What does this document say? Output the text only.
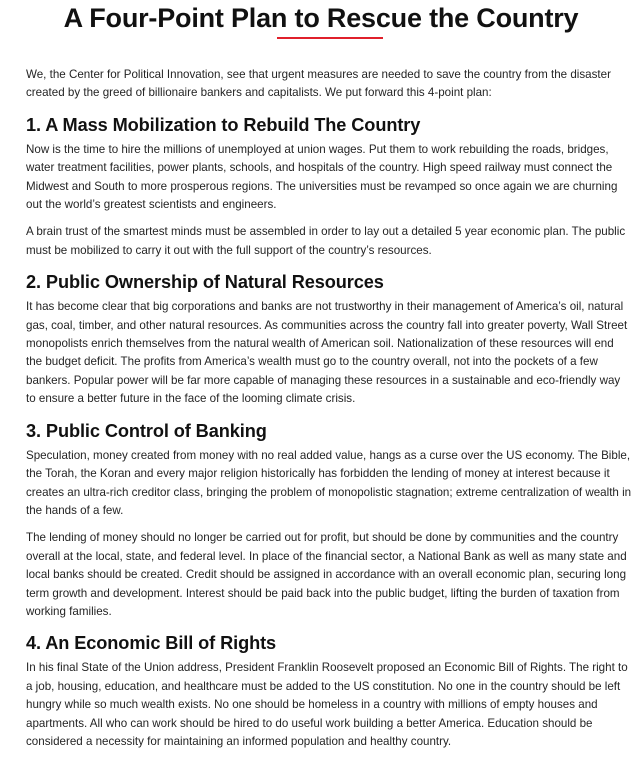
A Four-Point Plan to Rescue the Country

We, the Center for Political Innovation, see that urgent measures are needed to save the country from the disaster created by the greed of billionaire bankers and capitalists. We put forward this 4-point plan:

1. A Mass Mobilization to Rebuild The Country

Now is the time to hire the millions of unemployed at union wages. Put them to work rebuilding the roads, bridges, water treatment facilities, power plants, schools, and hospitals of the country. High speed railway must connect the Midwest and South to more prosperous regions. The universities must be revamped so once again we are churning out the world’s greatest scientists and engineers.

A brain trust of the smartest minds must be assembled in order to lay out a detailed 5 year economic plan. The public must be mobilized to carry it out with the full support of the country’s resources.

2. Public Ownership of Natural Resources

It has become clear that big corporations and banks are not trustworthy in their management of America’s oil, natural gas, coal, timber, and other natural resources. As communities across the country fall into greater poverty, Wall Street monopolists enrich themselves from the natural wealth of American soil. Nationalization of these resources will end the budget deficit. The profits from America’s wealth must go to the country overall, not into the pockets of a few bankers. Popular power will be far more capable of managing these resources in a sustainable and eco-friendly way to ensure a better future in the face of the looming climate crisis.

3. Public Control of Banking

Speculation, money created from money with no real added value, hangs as a curse over the US economy. The Bible, the Torah, the Koran and every major religion historically has forbidden the lending of money at interest because it creates an ultra-rich creditor class, bringing the problem of monopolistic stagnation; extreme centralization of wealth in the hands of a few.

The lending of money should no longer be carried out for profit, but should be done by communities and the country overall at the local, state, and federal level. In place of the financial sector, a National Bank as well as many state and local banks should be created. Credit should be assigned in accordance with an overall economic plan, securing long term growth and development. Interest should be paid back into the public budget, lifting the burden of taxation from working families.

4. An Economic Bill of Rights

In his final State of the Union address, President Franklin Roosevelt proposed an Economic Bill of Rights. The right to a job, housing, education, and healthcare must be added to the US constitution. No one in the country should be left hungry while so much wealth exists. No one should be homeless in a country with millions of empty houses and apartments. All who can work should be hired to do useful work building a better America. Education should be considered a necessity for maintaining an informed population and healthy country.
